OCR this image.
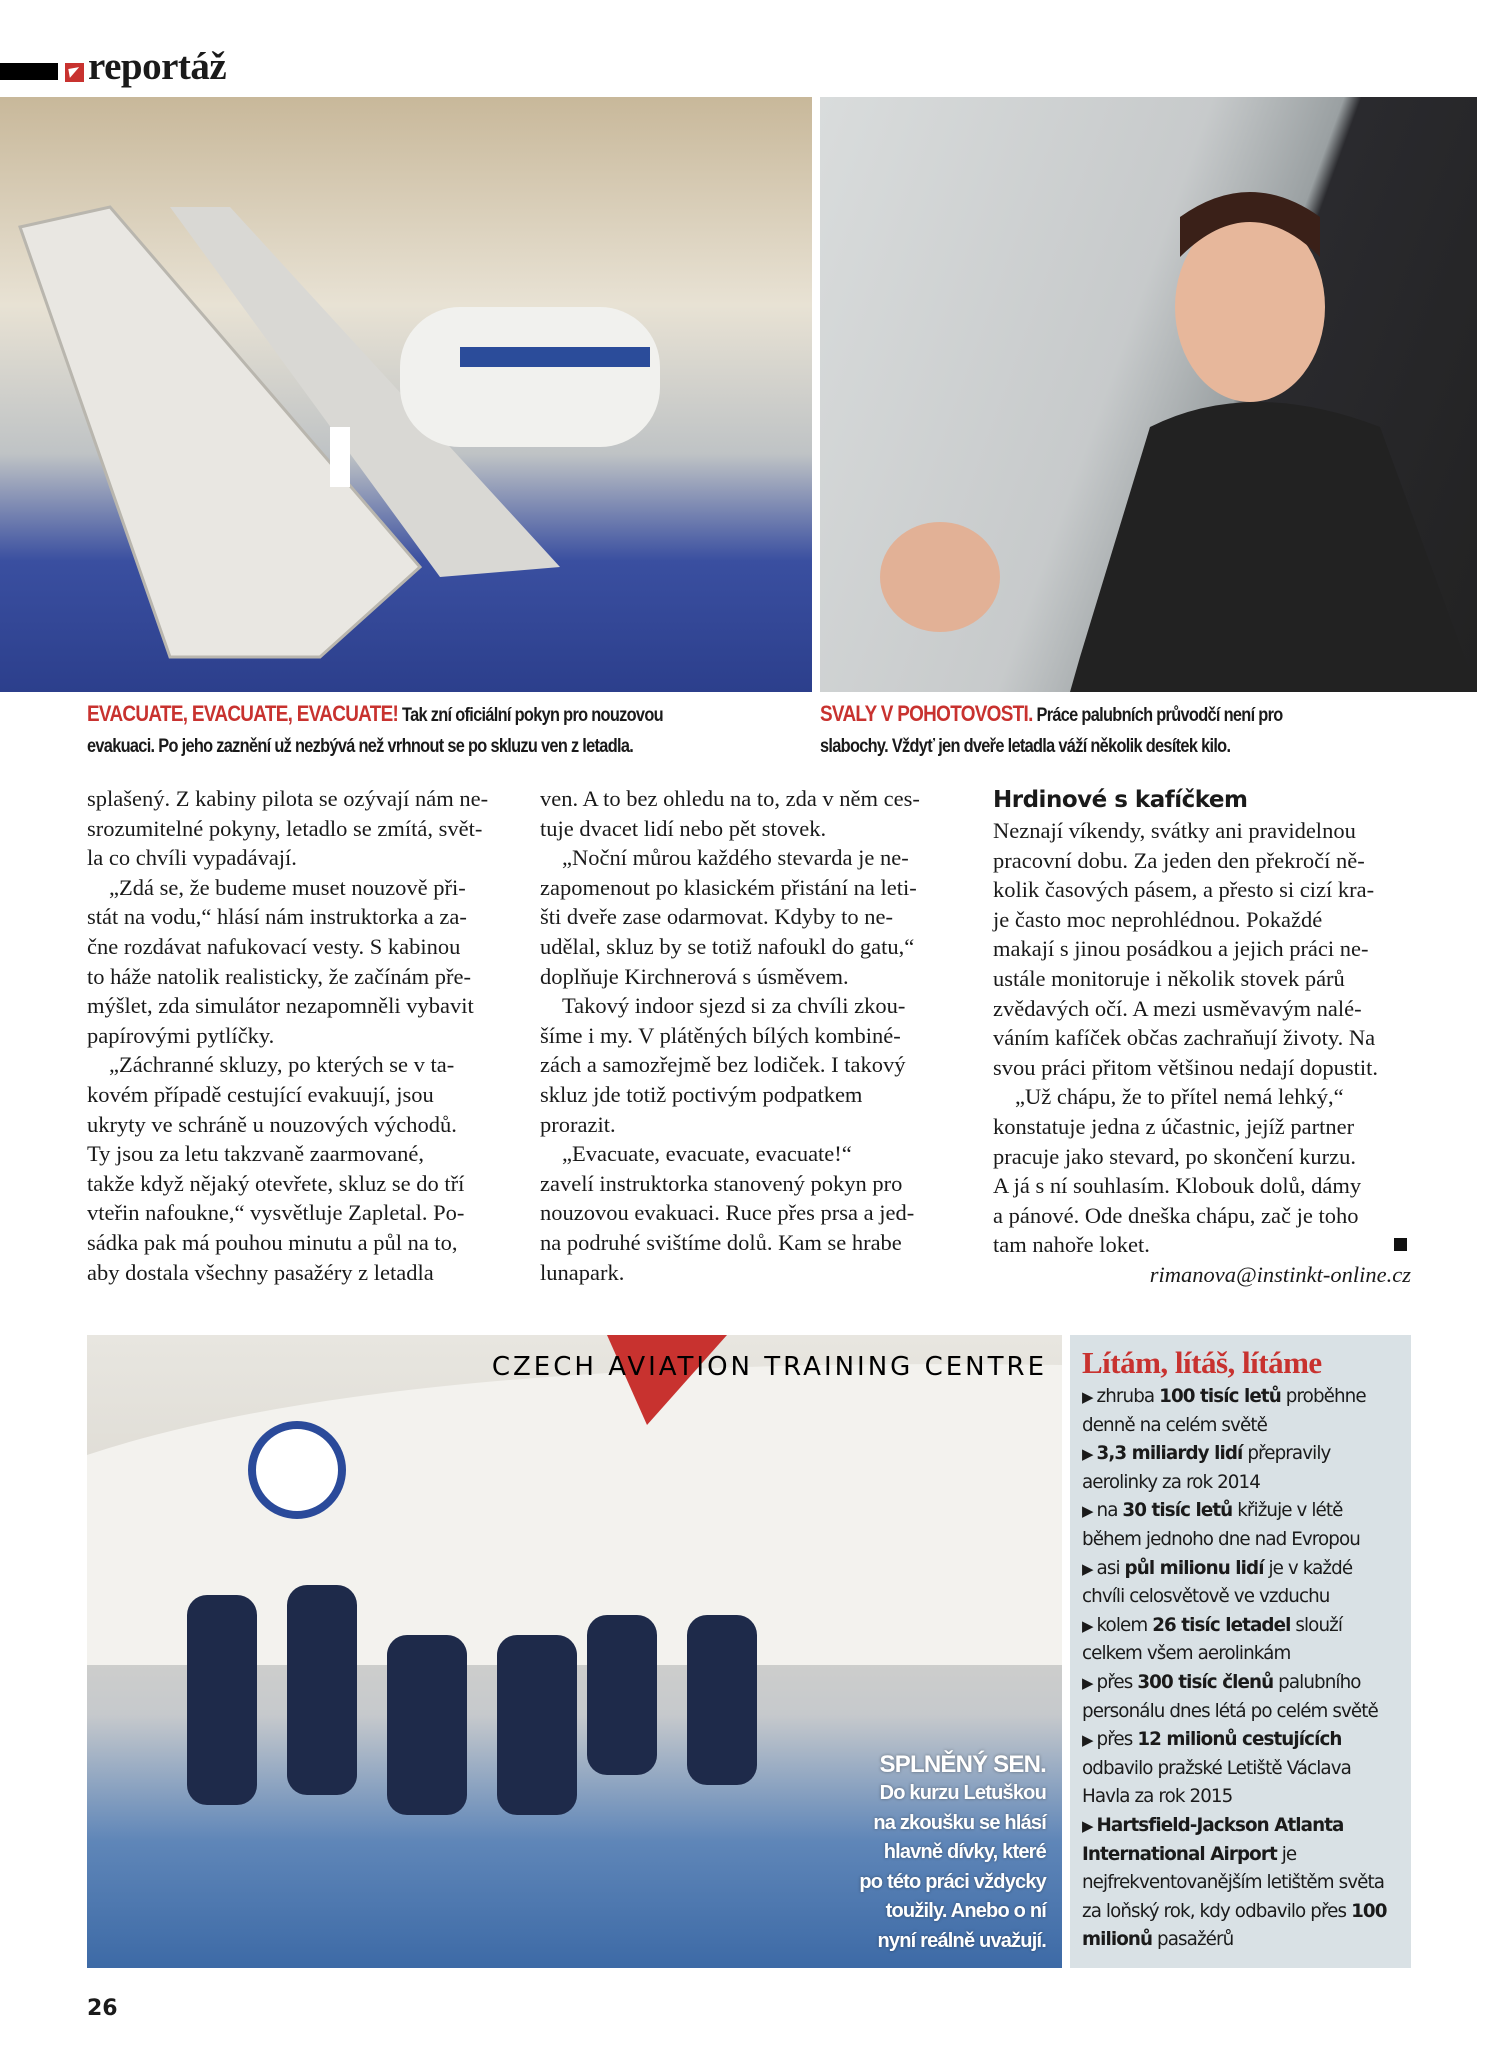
reportáž
EVACUATE, EVACUATE, EVACUATE! Tak zní oficiální pokyn pro nouzovou
evakuaci. Po jeho zaznění už nezbývá než vrhnout se po skluzu ven z letadla.
SVALY V POHOTOVOSTI. Práce palubních průvodčí není pro
slabochy. Vždyť jen dveře letadla váží několik desítek kilo.
splašený. Z kabiny pilota se ozývají nám ne-
srozumitelné pokyny, letadlo se zmítá, svět-
la co chvíli vypadávají.
„Zdá se, že budeme muset nouzově při-
stát na vodu,“ hlásí nám instruktorka a za-
čne rozdávat nafukovací vesty. S kabinou
to háže natolik realisticky, že začínám pře-
mýšlet, zda simulátor nezapomněli vybavit
papírovými pytlíčky.
„Záchranné skluzy, po kterých se v ta-
kovém případě cestující evakuují, jsou
ukryty ve schráně u nouzových východů.
Ty jsou za letu takzvaně zaarmované,
takže když nějaký otevřete, skluz se do tří
vteřin nafoukne,“ vysvětluje Zapletal. Po-
sádka pak má pouhou minutu a půl na to,
aby dostala všechny pasažéry z letadla
ven. A to bez ohledu na to, zda v něm ces-
tuje dvacet lidí nebo pět stovek.
„Noční můrou každého stevarda je ne-
zapomenout po klasickém přistání na leti-
šti dveře zase odarmovat. Kdyby to ne-
udělal, skluz by se totiž nafoukl do gatu,“
doplňuje Kirchnerová s úsměvem.
Takový indoor sjezd si za chvíli zkou-
šíme i my. V plátěných bílých kombiné-
zách a samozřejmě bez lodiček. I takový
skluz jde totiž poctivým podpatkem
prorazit.
„Evacuate, evacuate, evacuate!“
zavelí instruktorka stanovený pokyn pro
nouzovou evakuaci. Ruce přes prsa a jed-
na podruhé svištíme dolů. Kam se hrabe
lunapark.
Hrdinové s kafíčkem
Neznají víkendy, svátky ani pravidelnou
pracovní dobu. Za jeden den překročí ně-
kolik časových pásem, a přesto si cizí kra-
je často moc neprohlédnou. Pokaždé
makají s jinou posádkou a jejich práci ne-
ustále monitoruje i několik stovek párů
zvědavých očí. A mezi usměvavým nalé-
váním kafíček občas zachraňují životy. Na
svou práci přitom většinou nedají dopustit.
„Už chápu, že to přítel nemá lehký,“
konstatuje jedna z účastnic, jejíž partner
pracuje jako stevard, po skončení kurzu.
A já s ní souhlasím. Klobouk dolů, dámy
a pánové. Ode dneška chápu, zač je toho
tam nahoře loket.
rimanova@instinkt-online.cz
CZECH AVIATION TRAINING CENTRE
SPLNĚNÝ SEN.
Do kurzu Letuškou
na zkoušku se hlásí
hlavně dívky, které
po této práci vždycky
toužily. Anebo o ní
nyní reálně uvažují.
Lítám, lítáš, lítáme
▶ zhruba 100 tisíc letů proběhne denně na celém světě
▶ 3,3 miliardy lidí přepravily aerolinky za rok 2014
▶ na 30 tisíc letů křižuje v létě během jednoho dne nad Evropou
▶ asi půl milionu lidí je v každé chvíli celosvětově ve vzduchu
▶ kolem 26 tisíc letadel slouží celkem všem aerolinkám
▶ přes 300 tisíc členů palubního personálu dnes létá po celém světě
▶ přes 12 milionů cestujících odbavilo pražské Letiště Václava Havla za rok 2015
▶ Hartsfield-Jackson Atlanta International Airport je nejfrekventovanějším letištěm světa za loňský rok, kdy odbavilo přes 100 milionů pasažérů
26
